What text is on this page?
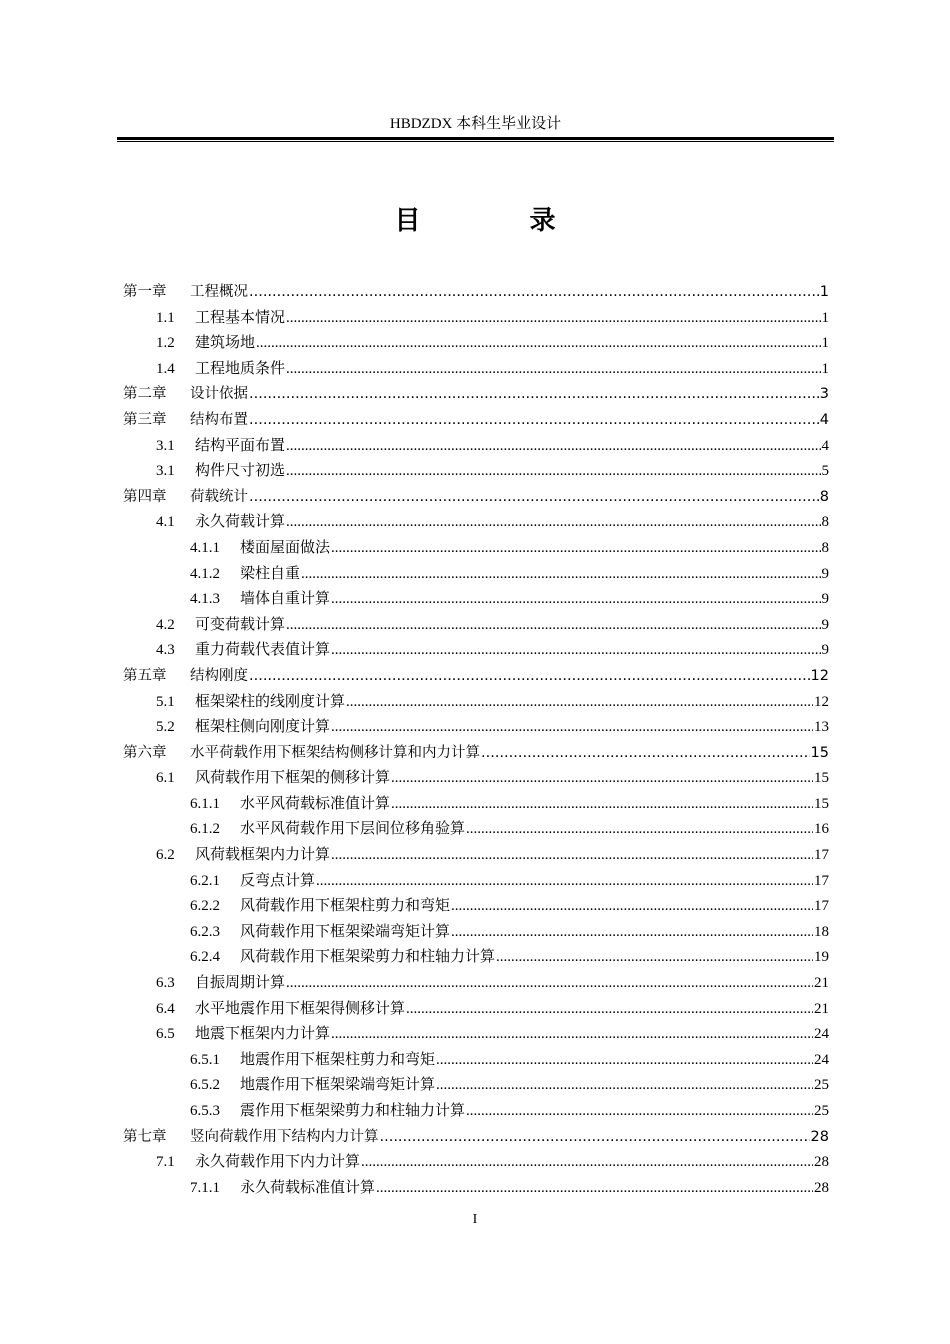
HBDZDX 本科生毕业设计
目 录
第一章	工程概况 .....	1
1.1	工程基本情况 .....	1
1.2	建筑场地 .....	1
1.4	工程地质条件 .....	1
第二章	设计依据 .....	3
第三章	结构布置 .....	4
3.1	结构平面布置 .....	4
3.1	构件尺寸初选 .....	5
第四章	荷载统计 .....	8
4.1	永久荷载计算 .....	8
4.1.1	楼面屋面做法 .....	8
4.1.2	梁柱自重 .....	9
4.1.3	墙体自重计算 .....	9
4.2	可变荷载计算 .....	9
4.3	重力荷载代表值计算 .....	9
第五章	结构刚度 .....	12
5.1	框架梁柱的线刚度计算 .....	12
5.2	框架柱侧向刚度计算 .....	13
第六章	水平荷载作用下框架结构侧移计算和内力计算 .....	15
6.1	风荷载作用下框架的侧移计算 .....	15
6.1.1	水平风荷载标准值计算 .....	15
6.1.2	水平风荷载作用下层间位移角验算 .....	16
6.2	风荷载框架内力计算 .....	17
6.2.1	反弯点计算 .....	17
6.2.2	风荷载作用下框架柱剪力和弯矩 .....	17
6.2.3	风荷载作用下框架梁端弯矩计算 .....	18
6.2.4	风荷载作用下框架梁剪力和柱轴力计算 .....	19
6.3	自振周期计算 .....	21
6.4	水平地震作用下框架得侧移计算 .....	21
6.5	地震下框架内力计算 .....	24
6.5.1	地震作用下框架柱剪力和弯矩 .....	24
6.5.2	地震作用下框架梁端弯矩计算 .....	25
6.5.3	震作用下框架梁剪力和柱轴力计算 .....	25
第七章	竖向荷载作用下结构内力计算 .....	28
7.1	永久荷载作用下内力计算 .....	28
7.1.1	永久荷载标准值计算 .....	28
I
